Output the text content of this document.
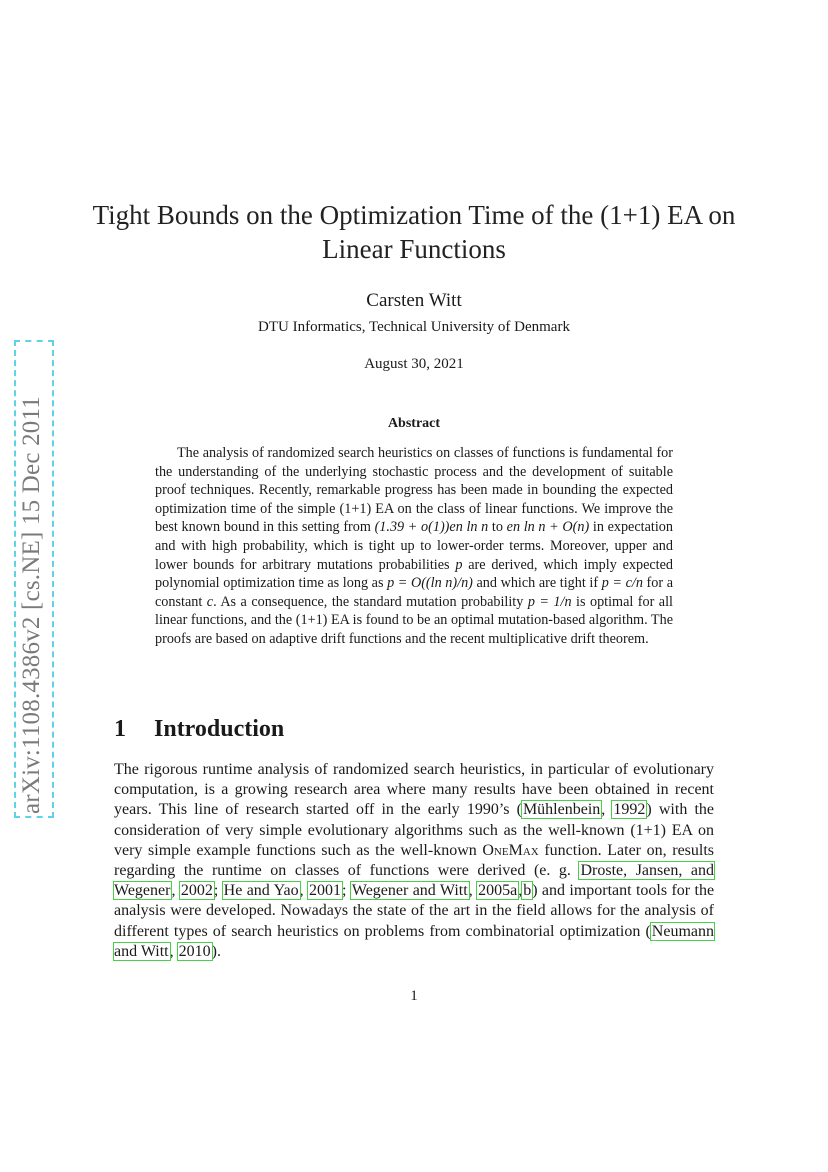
arXiv:1108.4386v2 [cs.NE] 15 Dec 2011
Tight Bounds on the Optimization Time of the (1+1) EA on Linear Functions
Carsten Witt
DTU Informatics, Technical University of Denmark
August 30, 2021
Abstract
The analysis of randomized search heuristics on classes of functions is fundamental for the understanding of the underlying stochastic process and the development of suitable proof techniques. Recently, remarkable progress has been made in bounding the expected optimization time of the simple (1+1) EA on the class of linear functions. We improve the best known bound in this setting from (1.39 + o(1))en ln n to en ln n + O(n) in expectation and with high probability, which is tight up to lower-order terms. Moreover, upper and lower bounds for arbitrary mutations probabilities p are derived, which imply expected polynomial optimization time as long as p = O((ln n)/n) and which are tight if p = c/n for a constant c. As a consequence, the standard mutation probability p = 1/n is optimal for all linear functions, and the (1+1) EA is found to be an optimal mutation-based algorithm. The proofs are based on adaptive drift functions and the recent multiplicative drift theorem.
1 Introduction
The rigorous runtime analysis of randomized search heuristics, in particular of evolutionary computation, is a growing research area where many results have been obtained in recent years. This line of research started off in the early 1990’s (Mühlenbein, 1992) with the consideration of very simple evolutionary algorithms such as the well-known (1+1) EA on very simple example functions such as the well-known OneMax function. Later on, results regarding the runtime on classes of functions were derived (e. g. Droste, Jansen, and Wegener, 2002; He and Yao, 2001; Wegener and Witt, 2005a,b) and important tools for the analysis were developed. Nowadays the state of the art in the field allows for the analysis of different types of search heuristics on problems from combinatorial optimization (Neumann and Witt, 2010).
1
